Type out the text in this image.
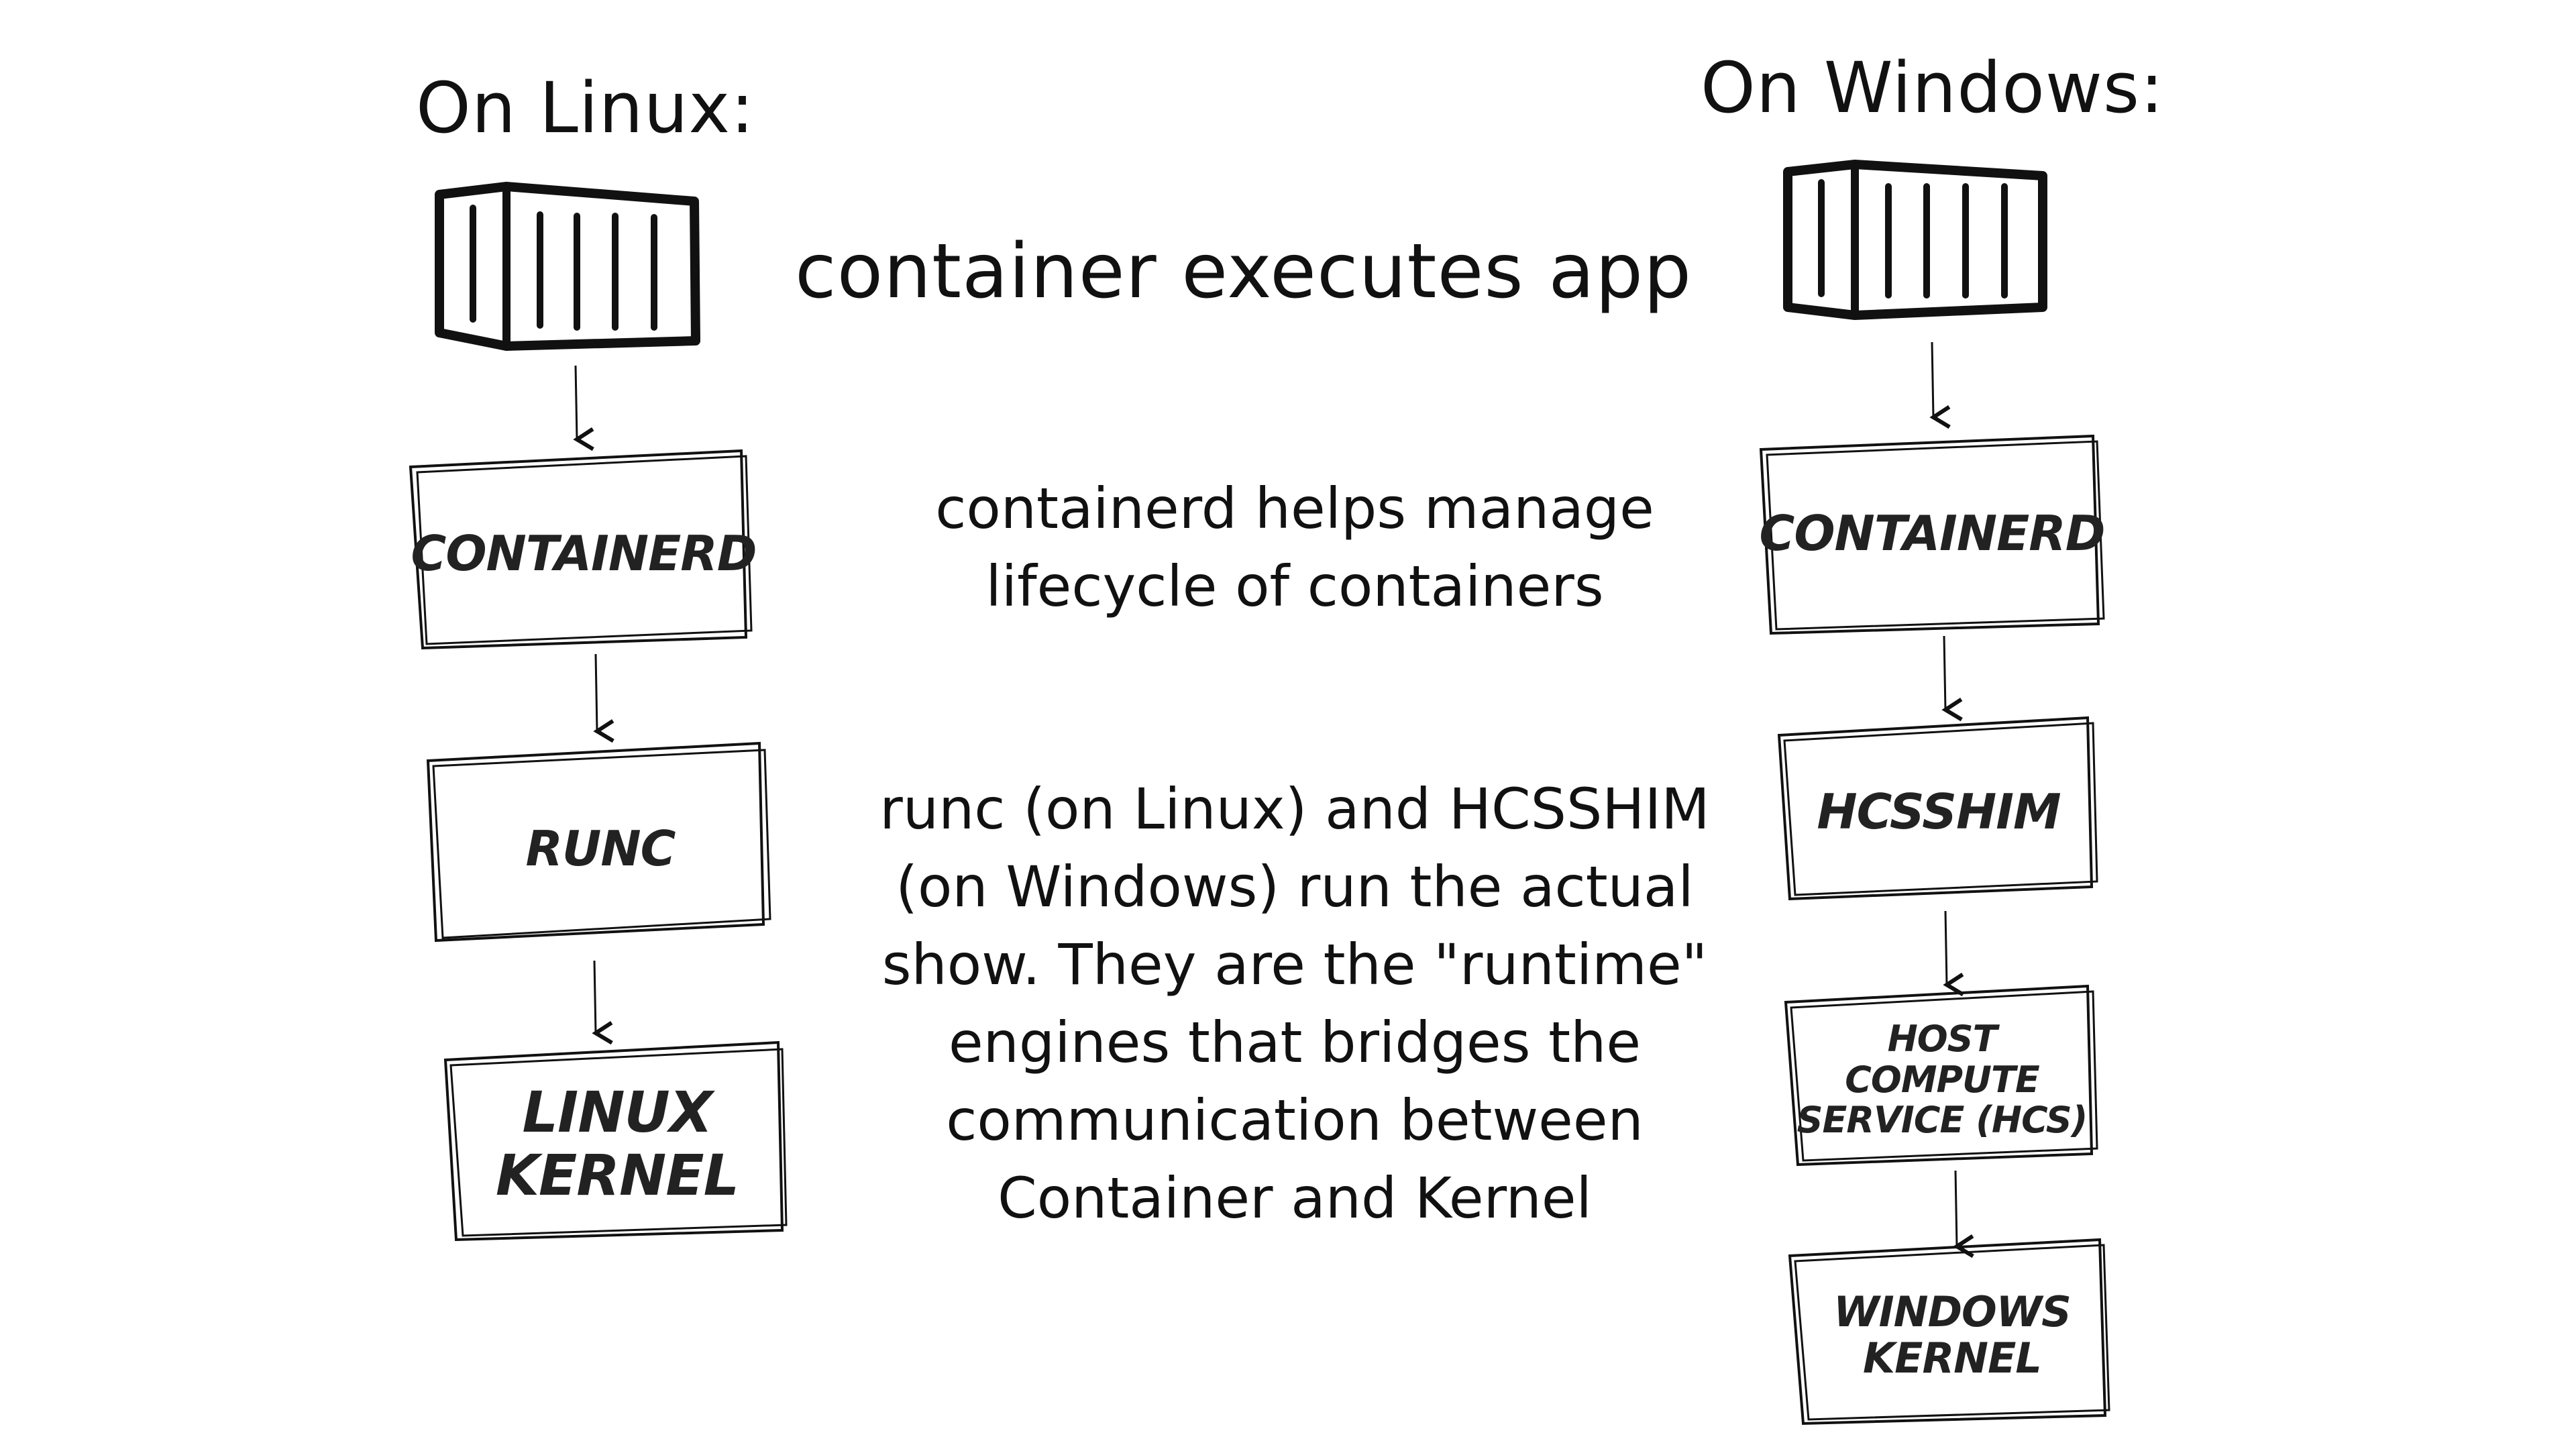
On Linux:	On Windows:
container executes app
containerd helps manage
lifecycle of containers
runc (on Linux) and HCSSHIM
(on Windows) run the actual
show. They are the "runtime"
engines that bridges the
communication between
Container and Kernel
CONTAINERD
RUNC
LINUX
KERNEL
CONTAINERD
HCSSHIM
HOST COMPUTE
SERVICE (HCS)
WINDOWS
KERNEL
